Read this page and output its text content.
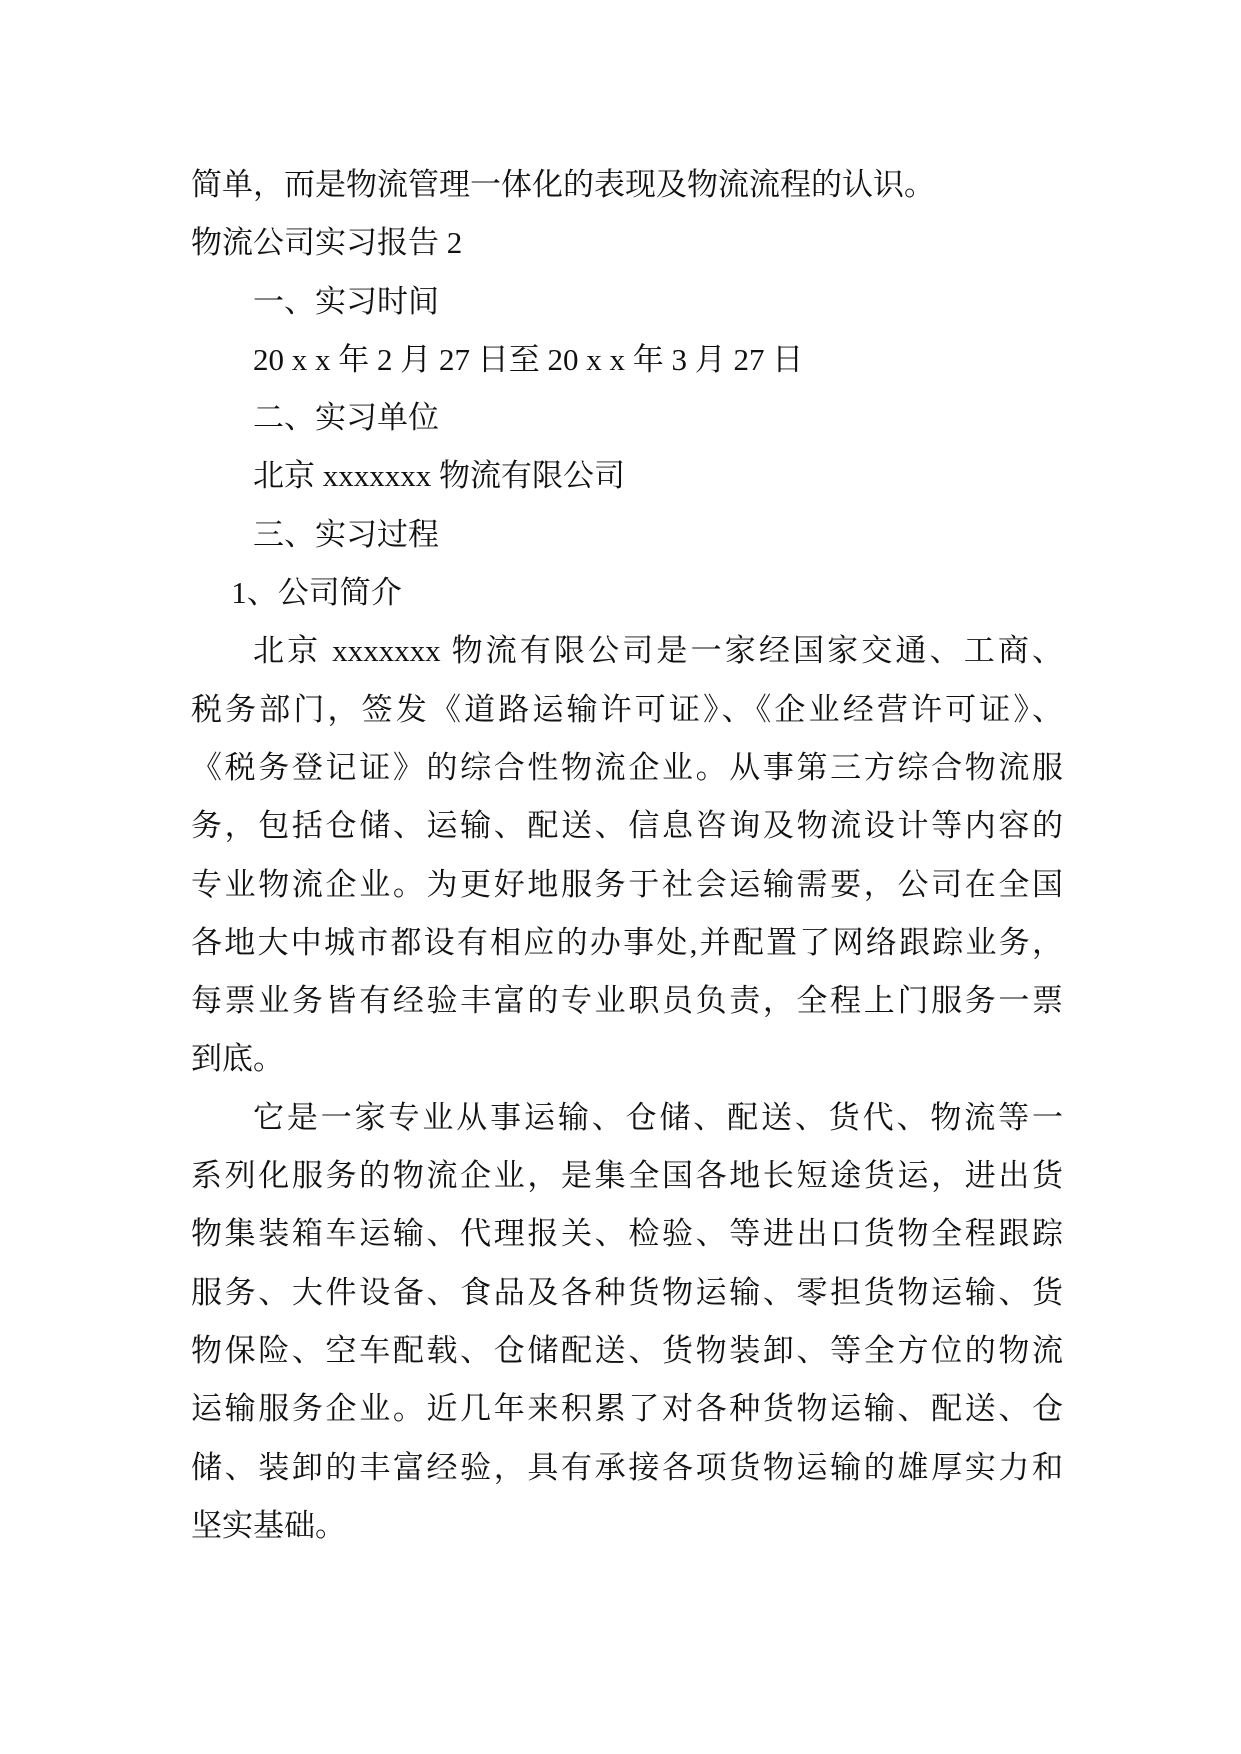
简单，而是物流管理一体化的表现及物流流程的认识。
物流公司实习报告 2
一、实习时间
20 x x 年 2 月 27 日至 20 x x 年 3 月 27 日
二、实习单位
北京 xxxxxxx 物流有限公司
三、实习过程
1、公司简介
北京 xxxxxxx 物流有限公司是一家经国家交通、工商、
税务部门，签发《道路运输许可证》、《企业经营许可证》、
《税务登记证》的综合性物流企业。从事第三方综合物流服
务，包括仓储、运输、配送、信息咨询及物流设计等内容的
专业物流企业。为更好地服务于社会运输需要，公司在全国
各地大中城市都设有相应的办事处,并配置了网络跟踪业务，
每票业务皆有经验丰富的专业职员负责，全程上门服务一票
到底。
它是一家专业从事运输、仓储、配送、货代、物流等一
系列化服务的物流企业，是集全国各地长短途货运，进出货
物集装箱车运输、代理报关、检验、等进出口货物全程跟踪
服务、大件设备、食品及各种货物运输、零担货物运输、货
物保险、空车配载、仓储配送、货物装卸、等全方位的物流
运输服务企业。近几年来积累了对各种货物运输、配送、仓
储、装卸的丰富经验，具有承接各项货物运输的雄厚实力和
坚实基础。
